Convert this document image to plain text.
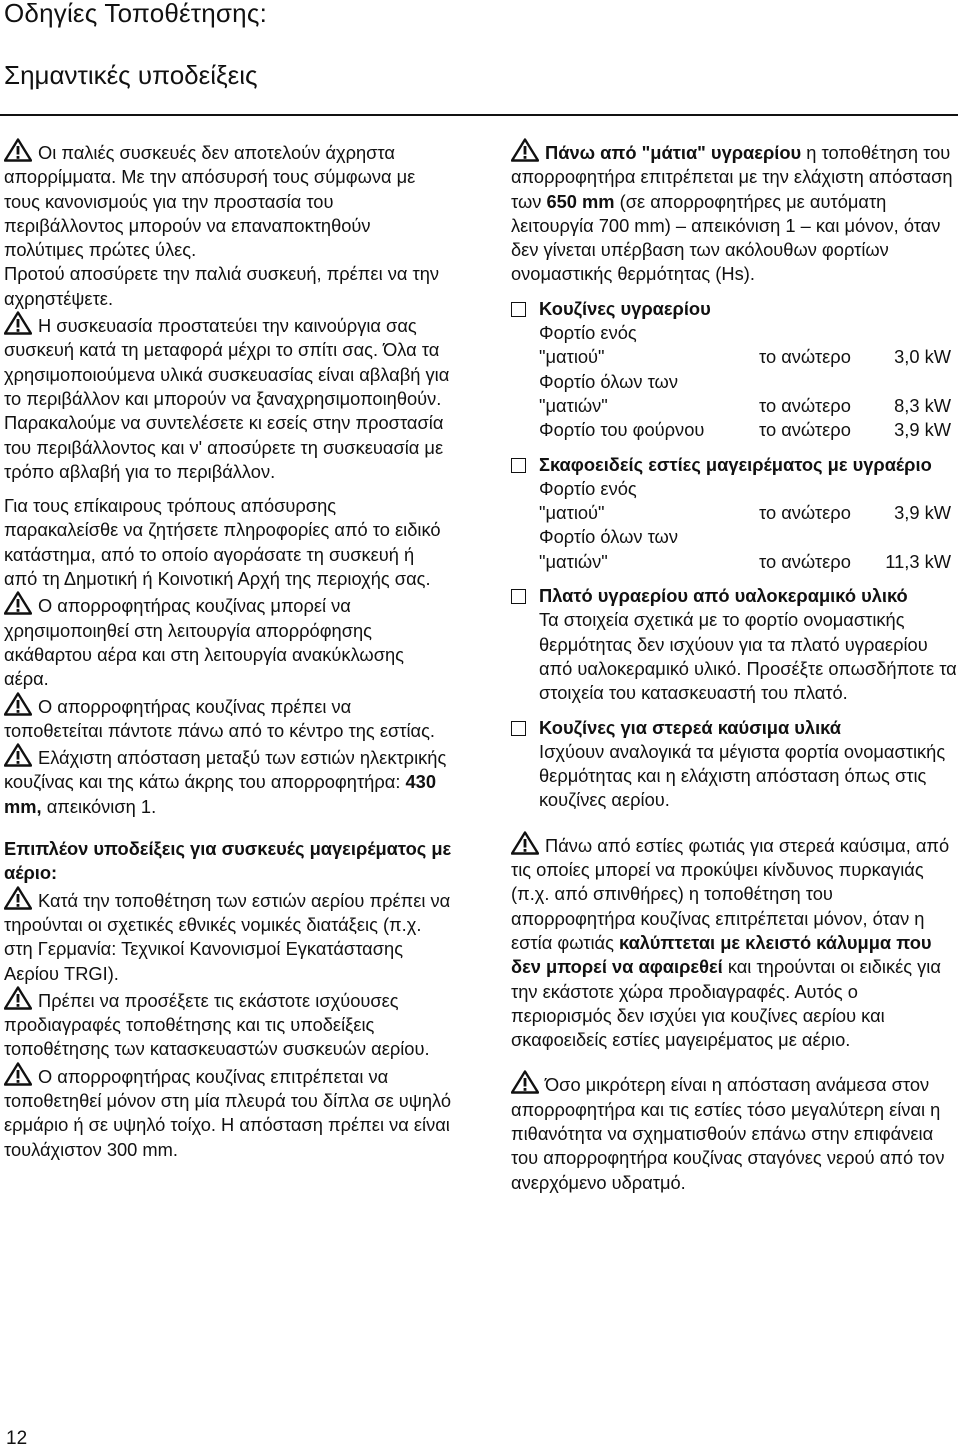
Οδηγίες Τοποθέτησης:
Σημαντικές υποδείξεις

Οι παλιές συσκευές δεν αποτελούν άχρηστα απορρίμματα. Με την απόσυρσή τους σύμφωνα με τους κανονισμούς για την προστασία του περιβάλλοντος μπορούν να επαναποκτηθούν πολύτιμες πρώτες ύλες.

Προτού αποσύρετε την παλιά συσκευή, πρέπει να την αχρηστέψετε.

Η συσκευασία προστατεύει την καινούργια σας συσκευή κατά τη μεταφορά μέχρι το σπίτι σας. Όλα τα χρησιμοποιούμενα υλικά συσκευασίας είναι αβλαβή για το περιβάλλον και μπορούν να ξαναχρησιμοποιηθούν.

Παρακαλούμε να συντελέσετε κι εσείς στην προστασία του περιβάλλοντος και ν' αποσύρετε τη συσκευασία με τρόπο αβλαβή για το περιβάλλον.

Για τους επίκαιρους τρόπους απόσυρσης παρακαλείσθε να ζητήσετε πληροφορίες από το ειδικό κατάστημα, από το οποίο αγοράσατε τη συσκευή ή από τη Δημοτική ή Κοινοτική Αρχή της περιοχής σας.

Ο απορροφητήρας κουζίνας μπορεί να χρησιμοποιηθεί στη λειτουργία απορρόφησης ακάθαρτου αέρα και στη λειτουργία ανακύκλωσης αέρα.

Ο απορροφητήρας κουζίνας πρέπει να τοποθετείται πάντοτε πάνω από το κέντρο της εστίας.

Ελάχιστη απόσταση μεταξύ των εστιών ηλεκτρικής κουζίνας και της κάτω άκρης του απορροφητήρα: 430 mm, απεικόνιση 1.

Επιπλέον υποδείξεις για συσκευές μαγειρέματος με αέριο:

Κατά την τοποθέτηση των εστιών αερίου πρέπει να τηρούνται οι σχετικές εθνικές νομικές διατάξεις (π.χ. στη Γερμανία: Τεχνικοί Κανονισμοί Εγκατάστασης Αερίου TRGI).

Πρέπει να προσέξετε τις εκάστοτε ισχύουσες προδιαγραφές τοποθέτησης και τις υποδείξεις τοποθέτησης των κατασκευαστών συσκευών αερίου.

Ο απορροφητήρας κουζίνας επιτρέπεται να τοποθετηθεί μόνον στη μία πλευρά του δίπλα σε υψηλό ερμάριο ή σε υψηλό τοίχο. Η απόσταση πρέπει να είναι τουλάχιστον 300 mm.

Πάνω από "μάτια" υγραερίου η τοποθέτηση του απορροφητήρα επιτρέπεται με την ελάχιστη απόσταση των 650 mm (σε απορροφητήρες με αυτόματη λειτουργία 700 mm) – απεικόνιση 1 – και μόνον, όταν δεν γίνεται υπέρβαση των ακόλουθων φορτίων ονομαστικής θερμότητας (Hs).

Κουζίνες υγραερίου
Φορτίο ενός
"ματιού"	το ανώτερο	3,0 kW
Φορτίο όλων των
"ματιών"	το ανώτερο	8,3 kW
Φορτίο του φούρνου	το ανώτερο	3,9 kW
Σκαφοειδείς εστίες μαγειρέματος με υγραέριο
Φορτίο ενός
"ματιού"	το ανώτερο	3,9 kW
Φορτίο όλων των
"ματιών"	το ανώτερο	11,3 kW
Πλατό υγραερίου από υαλοκεραμικό υλικό
Τα στοιχεία σχετικά με το φορτίο ονομαστικής θερμότητας δεν ισχύουν για τα πλατό υγραερίου από υαλοκεραμικό υλικό. Προσέξτε οπωσδήποτε τα στοιχεία του κατασκευαστή του πλατό.
Κουζίνες για στερεά καύσιμα υλικά
Ισχύουν αναλογικά τα μέγιστα φορτία ονομαστικής θερμότητας και η ελάχιστη απόσταση όπως στις κουζίνες αερίου.

Πάνω από εστίες φωτιάς για στερεά καύσιμα, από τις οποίες μπορεί να προκύψει κίνδυνος πυρκαγιάς (π.χ. από σπινθήρες) η τοποθέτηση του απορροφητήρα κουζίνας επιτρέπεται μόνον, όταν η εστία φωτιάς καλύπτεται με κλειστό κάλυμμα που δεν μπορεί να αφαιρεθεί και τηρούνται οι ειδικές για την εκάστοτε χώρα προδιαγραφές. Αυτός ο περιορισμός δεν ισχύει για κουζίνες αερίου και σκαφοειδείς εστίες μαγειρέματος με αέριο.

Όσο μικρότερη είναι η απόσταση ανάμεσα στον απορροφητήρα και τις εστίες τόσο μεγαλύτερη είναι η πιθανότητα να σχηματισθούν επάνω στην επιφάνεια του απορροφητήρα κουζίνας σταγόνες νερού από τον ανερχόμενο υδρατμό.

12
